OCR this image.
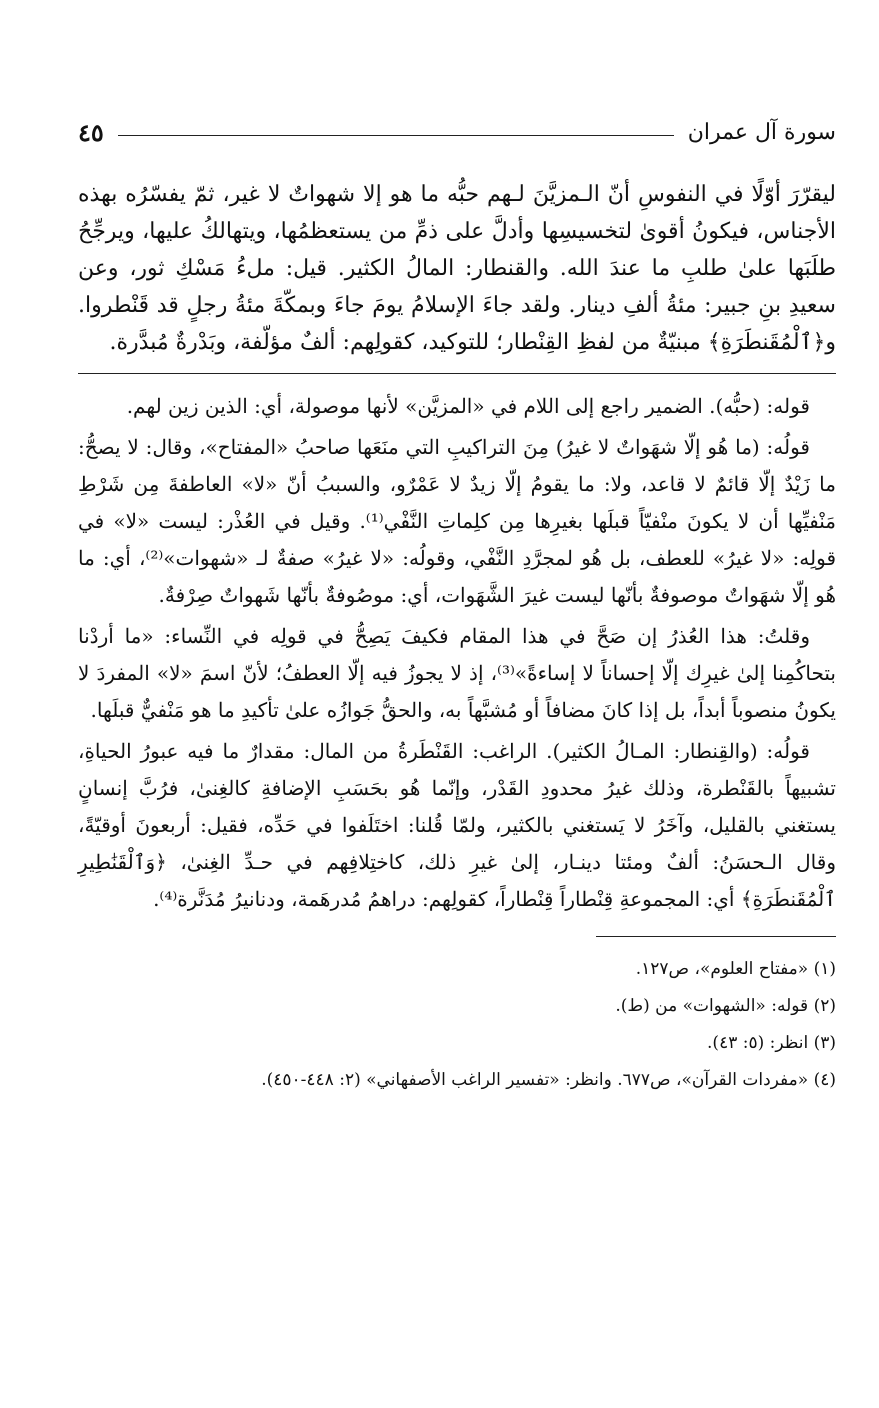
سورة آل عمران
٤٥

ليقرّرَ أوّلًا في النفوسِ أنّ الـمزيَّنَ لـهم حبُّه ما هو إلا شهواتٌ لا غير، ثمّ يفسّرُه بهذه الأجناس، فيكونُ أقوىٰ لتخسيسِها وأدلَّ على ذمِّ من يستعظمُها، ويتهالكُ عليها، ويرجِّحُ طلَبَها علىٰ طلبِ ما عندَ الله. والقنطار: المالُ الكثير. قيل: ملءُ مَسْكِ ثور، وعن سعيدِ بنِ جبير: مئةُ ألفِ دينار. ولقد جاءَ الإسلامُ يومَ جاءَ وبمكّةَ مئةُ رجلٍ قد قَنْطروا. و﴿ٱلْمُقَنطَرَةِ﴾ مبنيّةٌ من لفظِ القِنْطار؛ للتوكيد، كقولِهم: ألفٌ مؤلّفة، وبَدْرةٌ مُبدَّرة.

قوله: (حبُّه). الضمير راجع إلى اللام في «المزيَّن» لأنها موصولة، أي: الذين زين لهم.

قولُه: (ما هُو إلّا شهَواتٌ لا غيرُ) مِنَ التراكيبِ التي منَعَها صاحبُ «المفتاح»، وقال: لا يصحُّ: ما زَيْدٌ إلّا قائمٌ لا قاعد، ولا: ما يقومُ إلّا زيدٌ لا عَمْرٌو، والسببُ أنّ «لا» العاطفةَ مِن شَرْطِ مَنْفيِّها أن لا يكونَ منْفيّاً قبلَها بغيرِها مِن كلِماتِ النَّفْي⁽¹⁾. وقيل في العُذْر: ليست «لا» في قولِه: «لا غيرُ» للعطف، بل هُو لمجرَّدِ النَّفْي، وقولُه: «لا غيرُ» صفةٌ لـ «شهوات»⁽²⁾، أي: ما هُو إلّا شهَواتٌ موصوفةٌ بأنّها ليست غيرَ الشَّهَوات، أي: موصُوفةٌ بأنّها شَهواتٌ صِرْفةٌ.

وقلتُ: هذا العُذرُ إن صَحَّ في هذا المقام فكيفَ يَصِحُّ في قولِه في النِّساء: «ما أردْنا بتحاكُمِنا إلىٰ غيرِك إلّا إحساناً لا إساءةً»⁽³⁾، إذ لا يجوزُ فيه إلّا العطفُ؛ لأنّ اسمَ «لا» المفردَ لا يكونُ منصوباً أبداً، بل إذا كانَ مضافاً أو مُشبَّهاً به، والحقُّ جَوازُه علىٰ تأكيدِ ما هو مَنْفيٌّ قبلَها.

قولُه: (والقِنطار: المـالُ الكثير). الراغب: القَنْطَرةُ من المال: مقدارٌ ما فيه عبورُ الحياةِ، تشبيهاً بالقَنْطرة، وذلك غيرُ محدودِ القَدْر، وإنّما هُو بحَسَبِ الإضافةِ كالغِنىٰ، فرُبَّ إنسانٍ يستغني بالقليل، وآخَرُ لا يَستغني بالكثير، ولمّا قُلنا: اختَلَفوا في حَدِّه، فقيل: أربعونَ أوقيّةً، وقال الـحسَنُ: ألفٌ ومئتا دينـار، إلىٰ غيرِ ذلك، كاختِلافِهم في حـدِّ الغِنىٰ، ﴿وَٱلْقَنَٰطِيرِ ٱلْمُقَنطَرَةِ﴾ أي: المجموعةِ قِنْطاراً قِنْطاراً، كقولِهم: دراهمُ مُدرهَمة، ودنانيرُ مُدَنَّرة⁽⁴⁾.

(١) «مفتاح العلوم»، ص١٢٧.
(٢) قوله: «الشهوات» من (ط).
(٣) انظر: (٥: ٤٣).
(٤) «مفردات القرآن»، ص٦٧٧. وانظر: «تفسير الراغب الأصفهاني» (٢: ٤٤٨-٤٥٠).
